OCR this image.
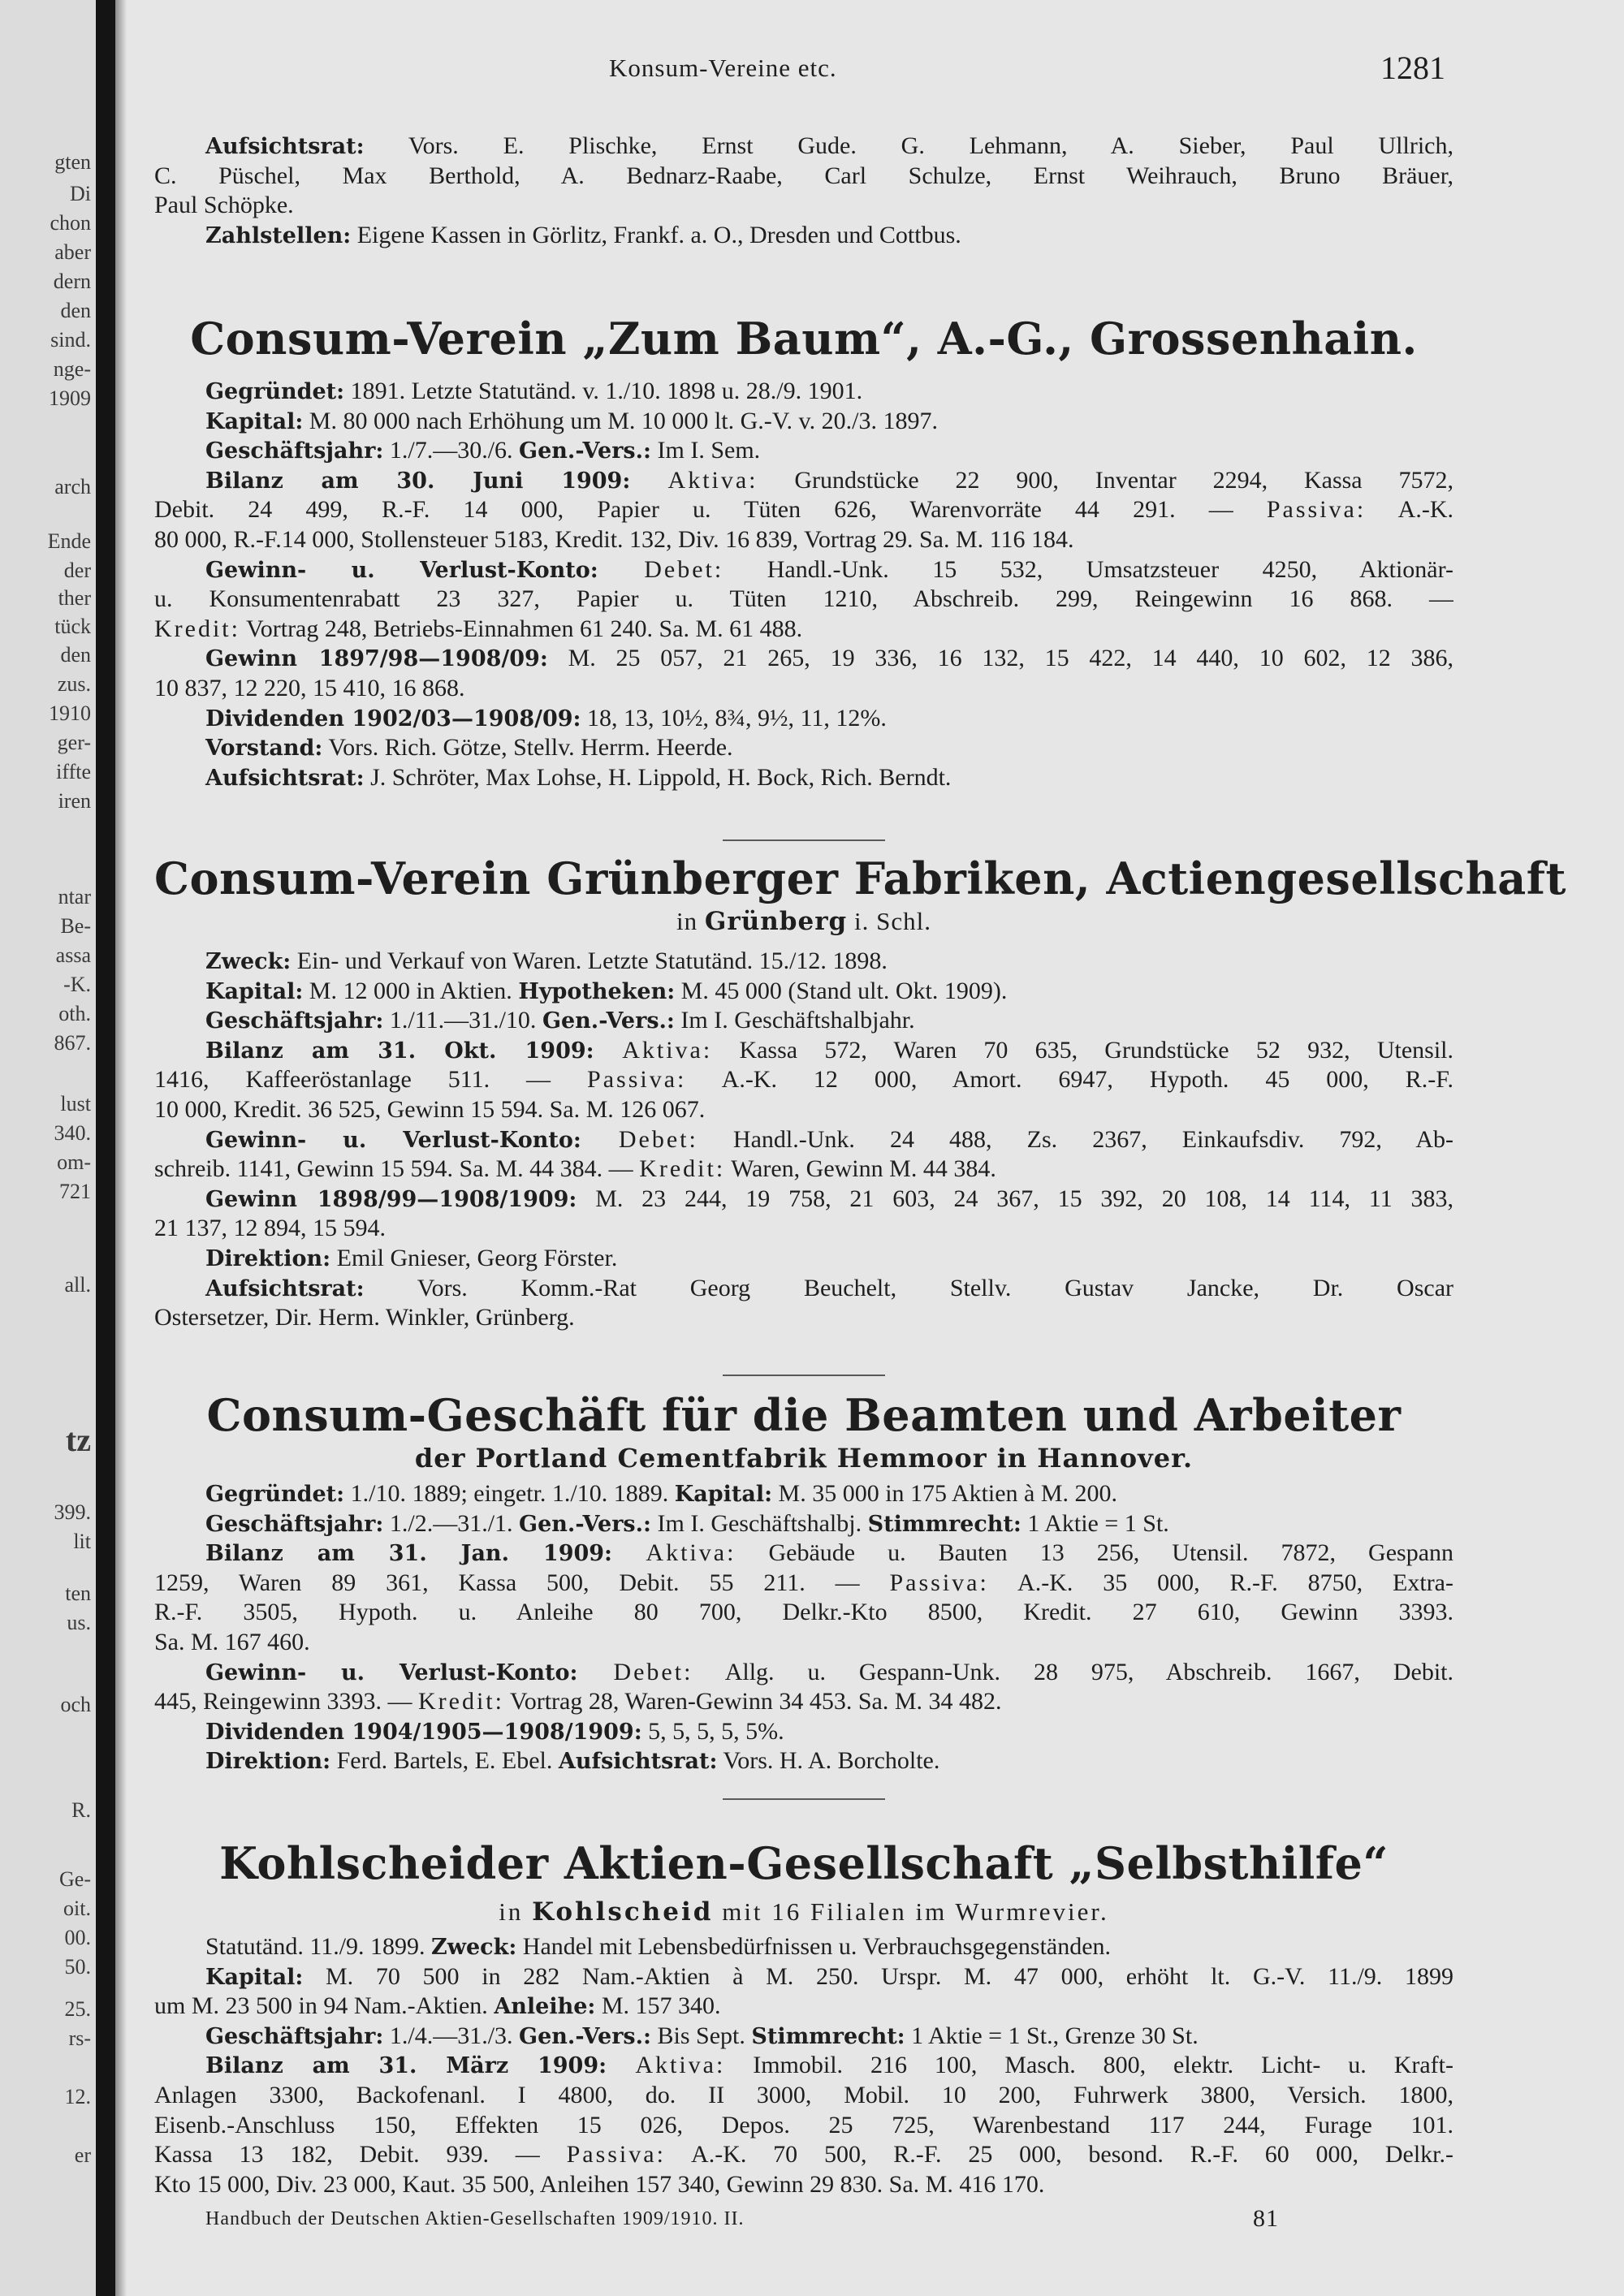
gten
Di
chon
aber
dern
den
sind.
nge-
1909
arch
Ende
der
ther
tück
den
zus.
1910
ger-
iffte
iren
ntar
Be-
assa
-K.
oth.
867.
lust
340.
om-
721
all.
tz
399.
lit
ten
us.
och
R.
Ge-
oit.
00.
50.
25.
rs-
12.
er
Konsum-Vereine etc.	1281
Aufsichtsrat: Vors. E. Plischke, Ernst Gude. G. Lehmann, A. Sieber, Paul Ullrich,
C. Püschel, Max Berthold, A. Bednarz-Raabe, Carl Schulze, Ernst Weihrauch, Bruno Bräuer,
Paul Schöpke.
Zahlstellen: Eigene Kassen in Görlitz, Frankf. a. O., Dresden und Cottbus.
Consum-Verein „Zum Baum“, A.-G., Grossenhain.
Gegründet: 1891. Letzte Statutänd. v. 1./10. 1898 u. 28./9. 1901.
Kapital: M. 80 000 nach Erhöhung um M. 10 000 lt. G.-V. v. 20./3. 1897.
Geschäftsjahr: 1./7.—30./6. Gen.-Vers.: Im I. Sem.
Bilanz am 30. Juni 1909: Aktiva: Grundstücke 22 900, Inventar 2294, Kassa 7572,
Debit. 24 499, R.-F. 14 000, Papier u. Tüten 626, Warenvorräte 44 291. — Passiva: A.-K.
80 000, R.-F.14 000, Stollensteuer 5183, Kredit. 132, Div. 16 839, Vortrag 29. Sa. M. 116 184.
Gewinn- u. Verlust-Konto: Debet: Handl.-Unk. 15 532, Umsatzsteuer 4250, Aktionär-
u. Konsumentenrabatt 23 327, Papier u. Tüten 1210, Abschreib. 299, Reingewinn 16 868. —
Kredit: Vortrag 248, Betriebs-Einnahmen 61 240. Sa. M. 61 488.
Gewinn 1897/98—1908/09: M. 25 057, 21 265, 19 336, 16 132, 15 422, 14 440, 10 602, 12 386,
10 837, 12 220, 15 410, 16 868.
Dividenden 1902/03—1908/09: 18, 13, 10½, 8¾, 9½, 11, 12%.
Vorstand: Vors. Rich. Götze, Stellv. Herrm. Heerde.
Aufsichtsrat: J. Schröter, Max Lohse, H. Lippold, H. Bock, Rich. Berndt.
Consum-Verein Grünberger Fabriken, Actiengesellschaft
in Grünberg i. Schl.
Zweck: Ein- und Verkauf von Waren. Letzte Statutänd. 15./12. 1898.
Kapital: M. 12 000 in Aktien. Hypotheken: M. 45 000 (Stand ult. Okt. 1909).
Geschäftsjahr: 1./11.—31./10. Gen.-Vers.: Im I. Geschäftshalbjahr.
Bilanz am 31. Okt. 1909: Aktiva: Kassa 572, Waren 70 635, Grundstücke 52 932, Utensil.
1416, Kaffeeröstanlage 511. — Passiva: A.-K. 12 000, Amort. 6947, Hypoth. 45 000, R.-F.
10 000, Kredit. 36 525, Gewinn 15 594. Sa. M. 126 067.
Gewinn- u. Verlust-Konto: Debet: Handl.-Unk. 24 488, Zs. 2367, Einkaufsdiv. 792, Ab-
schreib. 1141, Gewinn 15 594. Sa. M. 44 384. — Kredit: Waren, Gewinn M. 44 384.
Gewinn 1898/99—1908/1909: M. 23 244, 19 758, 21 603, 24 367, 15 392, 20 108, 14 114, 11 383,
21 137, 12 894, 15 594.
Direktion: Emil Gnieser, Georg Förster.
Aufsichtsrat: Vors. Komm.-Rat Georg Beuchelt, Stellv. Gustav Jancke, Dr. Oscar
Ostersetzer, Dir. Herm. Winkler, Grünberg.
Consum-Geschäft für die Beamten und Arbeiter
der Portland Cementfabrik Hemmoor in Hannover.
Gegründet: 1./10. 1889; eingetr. 1./10. 1889. Kapital: M. 35 000 in 175 Aktien à M. 200.
Geschäftsjahr: 1./2.—31./1. Gen.-Vers.: Im I. Geschäftshalbj. Stimmrecht: 1 Aktie = 1 St.
Bilanz am 31. Jan. 1909: Aktiva: Gebäude u. Bauten 13 256, Utensil. 7872, Gespann
1259, Waren 89 361, Kassa 500, Debit. 55 211. — Passiva: A.-K. 35 000, R.-F. 8750, Extra-
R.-F. 3505, Hypoth. u. Anleihe 80 700, Delkr.-Kto 8500, Kredit. 27 610, Gewinn 3393.
Sa. M. 167 460.
Gewinn- u. Verlust-Konto: Debet: Allg. u. Gespann-Unk. 28 975, Abschreib. 1667, Debit.
445, Reingewinn 3393. — Kredit: Vortrag 28, Waren-Gewinn 34 453. Sa. M. 34 482.
Dividenden 1904/1905—1908/1909: 5, 5, 5, 5, 5%.
Direktion: Ferd. Bartels, E. Ebel. Aufsichtsrat: Vors. H. A. Borcholte.
Kohlscheider Aktien-Gesellschaft „Selbsthilfe“
in Kohlscheid mit 16 Filialen im Wurmrevier.
Statutänd. 11./9. 1899. Zweck: Handel mit Lebensbedürfnissen u. Verbrauchsgegenständen.
Kapital: M. 70 500 in 282 Nam.-Aktien à M. 250. Urspr. M. 47 000, erhöht lt. G.-V. 11./9. 1899
um M. 23 500 in 94 Nam.-Aktien. Anleihe: M. 157 340.
Geschäftsjahr: 1./4.—31./3. Gen.-Vers.: Bis Sept. Stimmrecht: 1 Aktie = 1 St., Grenze 30 St.
Bilanz am 31. März 1909: Aktiva: Immobil. 216 100, Masch. 800, elektr. Licht- u. Kraft-
Anlagen 3300, Backofenanl. I 4800, do. II 3000, Mobil. 10 200, Fuhrwerk 3800, Versich. 1800,
Eisenb.-Anschluss 150, Effekten 15 026, Depos. 25 725, Warenbestand 117 244, Furage 101.
Kassa 13 182, Debit. 939. — Passiva: A.-K. 70 500, R.-F. 25 000, besond. R.-F. 60 000, Delkr.-
Kto 15 000, Div. 23 000, Kaut. 35 500, Anleihen 157 340, Gewinn 29 830. Sa. M. 416 170.
Handbuch der Deutschen Aktien-Gesellschaften 1909/1910. II.	81
